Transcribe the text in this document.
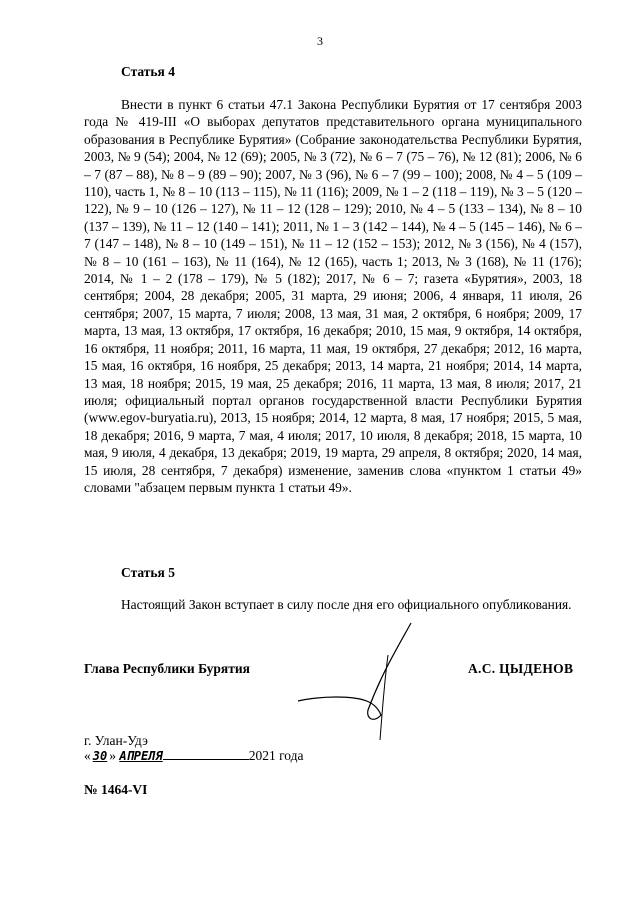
3
Статья 4

Внести в пункт 6 статьи 47.1 Закона Республики Бурятия от 17 сентября 2003 года № 419-III «О выборах депутатов представительного органа муниципального образования в Республике Бурятия» (Собрание законодательства Республики Бурятия, 2003, № 9 (54); 2004, № 12 (69); 2005, № 3 (72), № 6 – 7 (75 – 76), № 12 (81); 2006, № 6 – 7 (87 – 88), № 8 – 9 (89 – 90); 2007, № 3 (96), № 6 – 7 (99 – 100); 2008, № 4 – 5 (109 – 110), часть 1, № 8 – 10 (113 – 115), № 11 (116); 2009, № 1 – 2 (118 – 119), № 3 – 5 (120 – 122), № 9 – 10 (126 – 127), № 11 – 12 (128 – 129); 2010, № 4 – 5 (133 – 134), № 8 – 10 (137 – 139), № 11 – 12 (140 – 141); 2011, № 1 – 3 (142 – 144), № 4 – 5 (145 – 146), № 6 – 7 (147 – 148), № 8 – 10 (149 – 151), № 11 – 12 (152 – 153); 2012, № 3 (156), № 4 (157), № 8 – 10 (161 – 163), № 11 (164), № 12 (165), часть 1; 2013, № 3 (168), № 11 (176); 2014, № 1 – 2 (178 – 179), № 5 (182); 2017, № 6 – 7; газета «Бурятия», 2003, 18 сентября; 2004, 28 декабря; 2005, 31 марта, 29 июня; 2006, 4 января, 11 июля, 26 сентября; 2007, 15 марта, 7 июля; 2008, 13 мая, 31 мая, 2 октября, 6 ноября; 2009, 17 марта, 13 мая, 13 октября, 17 октября, 16 декабря; 2010, 15 мая, 9 октября, 14 октября, 16 октября, 11 ноября; 2011, 16 марта, 11 мая, 19 октября, 27 декабря; 2012, 16 марта, 15 мая, 16 октября, 16 ноября, 25 декабря; 2013, 14 марта, 21 ноября; 2014, 14 марта, 13 мая, 18 ноября; 2015, 19 мая, 25 декабря; 2016, 11 марта, 13 мая, 8 июля; 2017, 21 июля; официальный портал органов государственной власти Республики Бурятия (www.egov-buryatia.ru), 2013, 15 ноября; 2014, 12 марта, 8 мая, 17 ноября; 2015, 5 мая, 18 декабря; 2016, 9 марта, 7 мая, 4 июля; 2017, 10 июля, 8 декабря; 2018, 15 марта, 10 мая, 9 июля, 4 декабря, 13 декабря; 2019, 19 марта, 29 апреля, 8 октября; 2020, 14 мая, 15 июля, 28 сентября, 7 декабря) изменение, заменив слова «пунктом 1 статьи 49» словами "абзацем первым пункта 1 статьи 49».

Статья 5

Настоящий Закон вступает в силу после дня его официального опубликования.

Глава Республики Бурятия	А.С. ЦЫДЕНОВ
г. Улан-Удэ
« 30 » АПРЕЛЯ	2021 года
№ 1464-VI
